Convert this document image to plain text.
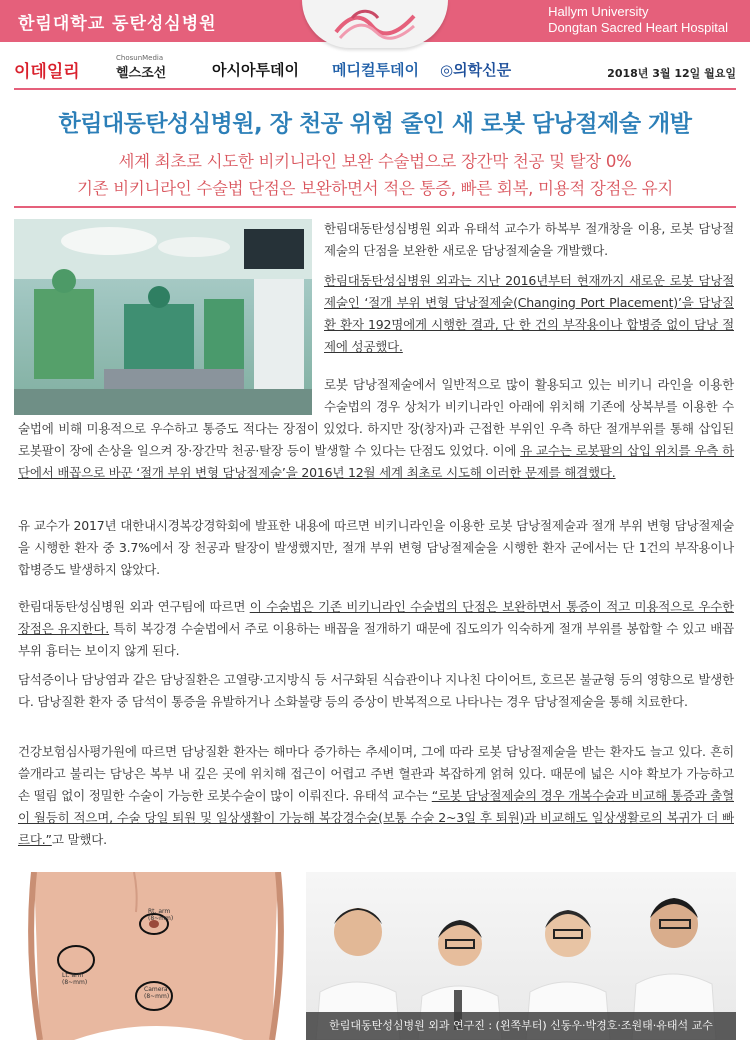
한림대학교 동탄성심병원
Hallym University
Dongtan Sacred Heart Hospital
이데일리
ChosunMedia
헬스조선	아시아투데이 메디컬투데이 ◎의학신문	2018년 3월 12일 월요일
한림대동탄성심병원, 장 천공 위험 줄인 새 로봇 담낭절제술 개발
세계 최초로 시도한 비키니라인 보완 수술법으로 장간막 천공 및 탈장 0%
기존 비키니라인 수술법 단점은 보완하면서 적은 통증, 빠른 회복, 미용적 장점은 유지
한림대동탄성심병원 외과 유태석 교수가 하복부 절개창을 이용, 로봇 담낭절제술의 단점을 보완한 새로운 담낭절제술을 개발했다.
한림대동탄성심병원 외과는 지난 2016년부터 현재까지 새로운 로봇 담낭절제술인 ‘절개 부위 변형 담낭절제술(Changing Port Placement)’을 담낭질환 환자 192명에게 시행한 결과, 단 한 건의 부작용이나 합병증 없이 담낭 절제에 성공했다.
로봇 담낭절제술에서 일반적으로 많이 활용되고 있는 비키니 라인을 이용한 수술법의 경우 상처가 비키니라인 아래에 위치해 기존에 상복부를 이용한 수술법에 비해 미용적으로 우수하고 통증도 적다는 장점이 있었다. 하지만 장(창자)과 근접한 부위인 우측 하단 절개부위를 통해 삽입된 로봇팔이 장에 손상을 일으켜 장·장간막 천공·탈장 등이 발생할 수 있다는 단점도 있었다. 이에 유 교수는 로봇팔의 삽입 위치를 우측 하단에서 배꼽으로 바꾼 ‘절개 부위 변형 담낭절제술’을 2016년 12월 세계 최초로 시도해 이러한 문제를 해결했다.
유 교수가 2017년 대한내시경복강경학회에 발표한 내용에 따르면 비키니라인을 이용한 로봇 담낭절제술과 절개 부위 변형 담낭절제술을 시행한 환자 중 3.7%에서 장 천공과 탈장이 발생했지만, 절개 부위 변형 담낭절제술을 시행한 환자 군에서는 단 1건의 부작용이나 합병증도 발생하지 않았다.
한림대동탄성심병원 외과 연구팀에 따르면 이 수술법은 기존 비키니라인 수술법의 단점은 보완하면서 통증이 적고 미용적으로 우수한 장점은 유지한다. 특히 복강경 수술법에서 주로 이용하는 배꼽을 절개하기 때문에 집도의가 익숙하게 절개 부위를 봉합할 수 있고 배꼽부위 흉터는 보이지 않게 된다.
담석증이나 담낭염과 같은 담낭질환은 고열량·고지방식 등 서구화된 식습관이나 지나친 다이어트, 호르몬 불균형 등의 영향으로 발생한다. 담낭질환 환자 중 담석이 통증을 유발하거나 소화불량 등의 증상이 반복적으로 나타나는 경우 담낭절제술을 통해 치료한다.
건강보험심사평가원에 따르면 담낭질환 환자는 해마다 증가하는 추세이며, 그에 따라 로봇 담낭절제술을 받는 환자도 늘고 있다. 흔히 쓸개라고 불리는 담낭은 복부 내 깊은 곳에 위치해 접근이 어렵고 주변 혈관과 복잡하게 얽혀 있다. 때문에 넓은 시야 확보가 가능하고 손 떨림 없이 정밀한 수술이 가능한 로봇수술이 많이 이뤄진다. 유태석 교수는 “로봇 담낭절제술의 경우 개복수술과 비교해 통증과 출혈이 월등히 적으며, 수술 당일 퇴원 및 일상생활이 가능해 복강경수술(보통 수술 2~3일 후 퇴원)과 비교해도 일상생활로의 복귀가 더 빠르다.”고 말했다.
Rt. arm
(8~mm)
Lt. arm
(8~mm)
Camera
(8~mm)
한림대동탄성심병원 외과 연구진 : (왼쪽부터) 신동우·박경호·조원태·유태석 교수
